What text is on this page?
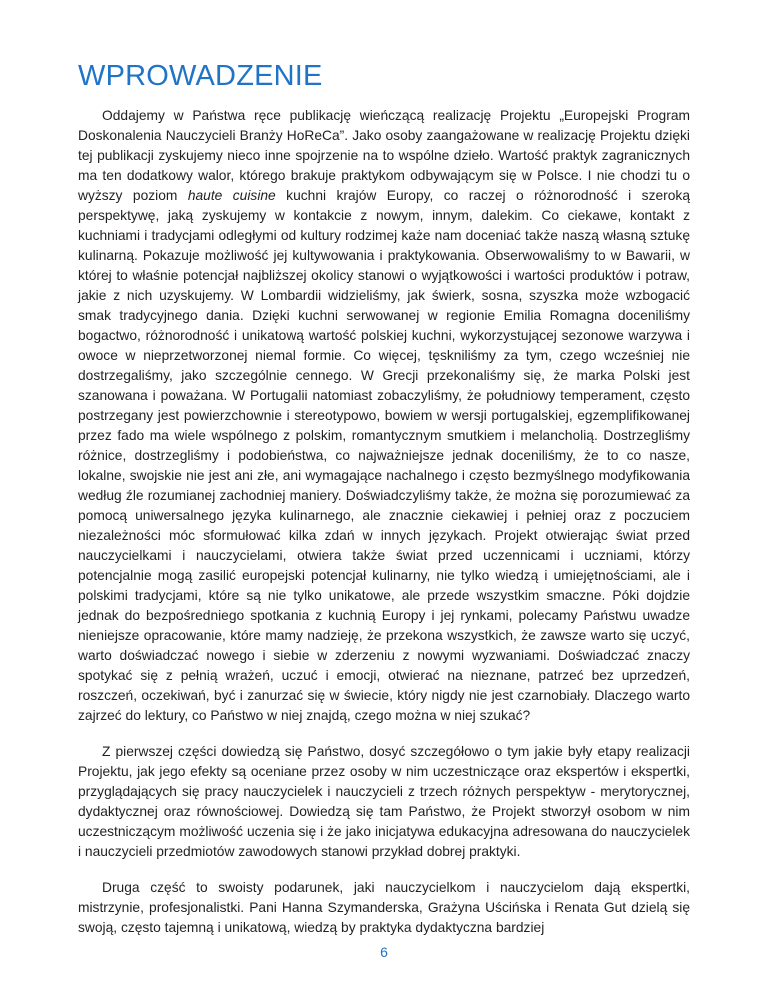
WPROWADZENIE

Oddajemy w Państwa ręce publikację wieńczącą realizację Projektu „Europejski Program Doskonalenia Nauczycieli Branży HoReCa”. Jako osoby zaangażowane w realizację Projektu dzięki tej publikacji zyskujemy nieco inne spojrzenie na to wspólne dzieło. Wartość praktyk zagranicznych ma ten dodatkowy walor, którego brakuje praktykom odbywającym się w Polsce. I nie chodzi tu o wyższy poziom haute cuisine kuchni krajów Europy, co raczej o różnorodność i szeroką perspektywę, jaką zyskujemy w kontakcie z nowym, innym, dalekim. Co ciekawe, kontakt z kuchniami i tradycjami odległymi od kultury rodzimej każe nam doceniać także naszą własną sztukę kulinarną. Pokazuje możliwość jej kultywowania i praktykowania. Obserwowaliśmy to w Bawarii, w której to właśnie potencjał najbliższej okolicy stanowi o wyjątkowości i wartości produktów i potraw, jakie z nich uzyskujemy. W Lombardii widzieliśmy, jak świerk, sosna, szyszka może wzbogacić smak tradycyjnego dania. Dzięki kuchni serwowanej w regionie Emilia Romagna doceniliśmy bogactwo, różnorodność i unikatową wartość polskiej kuchni, wykorzystującej sezonowe warzywa i owoce w nieprzetworzonej niemal formie. Co więcej, tęskniliśmy za tym, czego wcześniej nie dostrzegaliśmy, jako szczególnie cennego. W Grecji przekonaliśmy się, że marka Polski jest szanowana i poważana. W Portugalii natomiast zobaczyliśmy, że południowy temperament, często postrzegany jest powierzchownie i stereotypowo, bowiem w wersji portugalskiej, egzemplifikowanej przez fado ma wiele wspólnego z polskim, romantycznym smutkiem i melancholią. Dostrzegliśmy różnice, dostrzegliśmy i podobieństwa, co najważniejsze jednak doceniliśmy, że to co nasze, lokalne, swojskie nie jest ani złe, ani wymagające nachalnego i często bezmyślnego modyfikowania według źle rozumianej zachodniej maniery. Doświadczyliśmy także, że można się porozumiewać za pomocą uniwersalnego języka kulinarnego, ale znacznie ciekawiej i pełniej oraz z poczuciem niezależności móc sformułować kilka zdań w innych językach. Projekt otwierając świat przed nauczycielkami i nauczycielami, otwiera także świat przed uczennicami i uczniami, którzy potencjalnie mogą zasilić europejski potencjał kulinarny, nie tylko wiedzą i umiejętnościami, ale i polskimi tradycjami, które są nie tylko unikatowe, ale przede wszystkim smaczne. Póki dojdzie jednak do bezpośredniego spotkania z kuchnią Europy i jej rynkami, polecamy Państwu uwadze nieniejsze opracowanie, które mamy nadzieję, że przekona wszystkich, że zawsze warto się uczyć, warto doświadczać nowego i siebie w zderzeniu z nowymi wyzwaniami. Doświadczać znaczy spotykać się z pełnią wrażeń, uczuć i emocji, otwierać na nieznane, patrzeć bez uprzedzeń, roszczeń, oczekiwań, być i zanurzać się w świecie, który nigdy nie jest czarnobiały. Dlaczego warto zajrzeć do lektury, co Państwo w niej znajdą, czego można w niej szukać?

Z pierwszej części dowiedzą się Państwo, dosyć szczegółowo o tym jakie były etapy realizacji Projektu, jak jego efekty są oceniane przez osoby w nim uczestniczące oraz ekspertów i ekspertki, przyglądających się pracy nauczycielek i nauczycieli z trzech różnych perspektyw - merytorycznej, dydaktycznej oraz równościowej. Dowiedzą się tam Państwo, że Projekt stworzył osobom w nim uczestniczącym możliwość uczenia się i że jako inicjatywa edukacyjna adresowana do nauczycielek i nauczycieli przedmiotów zawodowych stanowi przykład dobrej praktyki.

Druga część to swoisty podarunek, jaki nauczycielkom i nauczycielom dają ekspertki, mistrzynie, profesjonalistki. Pani Hanna Szymanderska, Grażyna Uścińska i Renata Gut dzielą się swoją, często tajemną i unikatową, wiedzą by praktyka dydaktyczna bardziej

6
